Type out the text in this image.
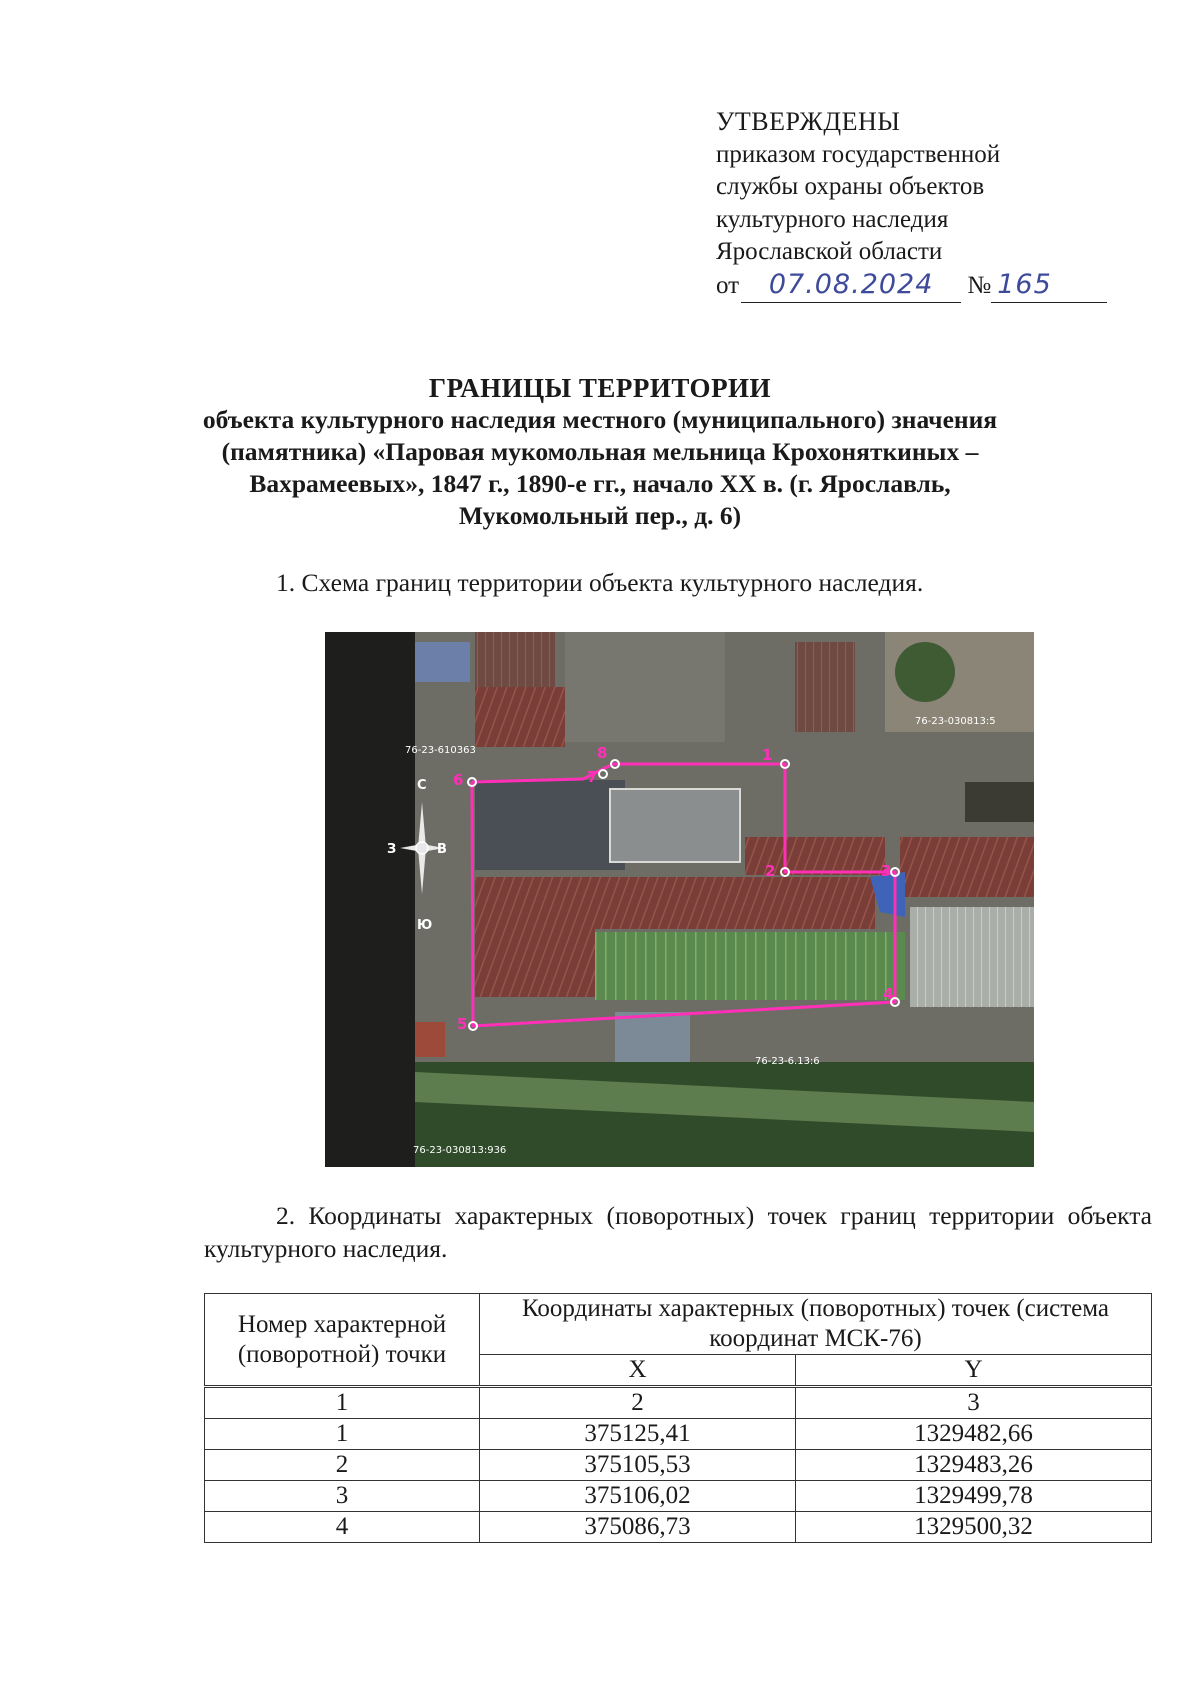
УТВЕРЖДЕНЫ
приказом государственной
службы охраны объектов
культурного наследия
Ярославской области
от 07.08.2024 № 165
ГРАНИЦЫ ТЕРРИТОРИИ
объекта культурного наследия местного (муниципального) значения
(памятника) «Паровая мукомольная мельница Крохоняткиных –
Вахрамеевых», 1847 г., 1890-е гг., начало XX в. (г. Ярославль,
Мукомольный пер., д. 6)
1. Схема границ территории объекта культурного наследия.
1
2	3
4
5
6	7
8
76-23-610363
76-23-030813:5
76-23-6.13:6
76-23-030813:936
С
Ю
З	В
2. Координаты характерных (поворотных) точек границ территории объекта культурного наследия.
Номер характерной (поворотной) точки	Координаты характерных (поворотных) точек (система координат МСК-76)	
	X	Y
1	2	3
1	375125,41	1329482,66
2	375105,53	1329483,26
3	375106,02	1329499,78
4	375086,73	1329500,32
